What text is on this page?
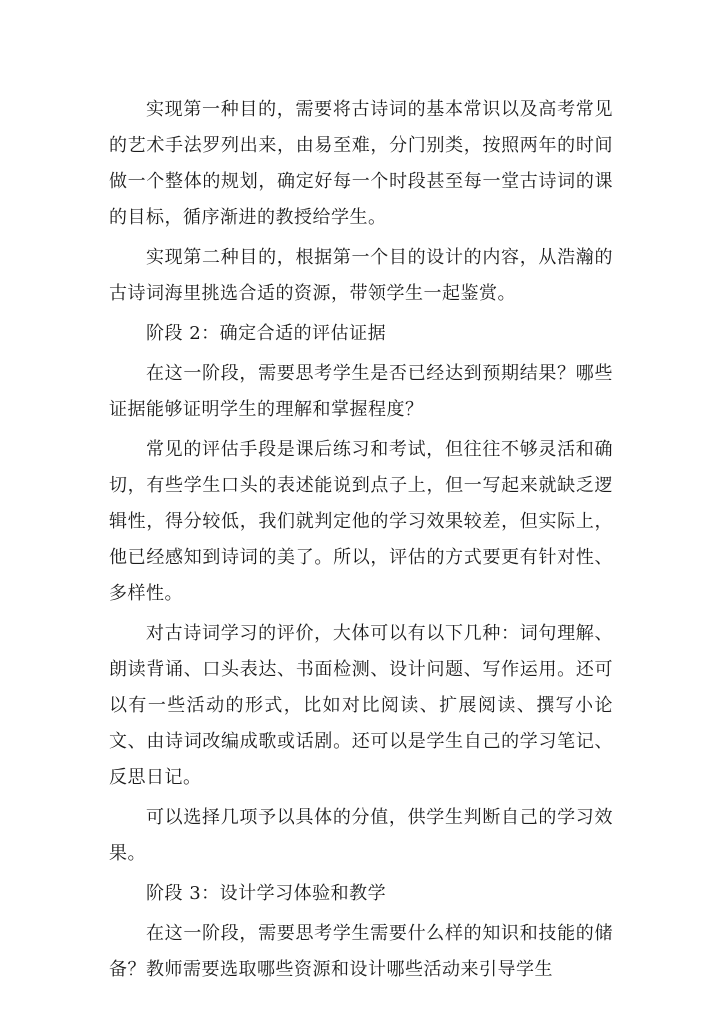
实现第一种目的，需要将古诗词的基本常识以及高考常见的艺术手法罗列出来，由易至难，分门别类，按照两年的时间做一个整体的规划，确定好每一个时段甚至每一堂古诗词的课的目标，循序渐进的教授给学生。

实现第二种目的，根据第一个目的设计的内容，从浩瀚的古诗词海里挑选合适的资源，带领学生一起鉴赏。

阶段 2：确定合适的评估证据

在这一阶段，需要思考学生是否已经达到预期结果？哪些证据能够证明学生的理解和掌握程度？

常见的评估手段是课后练习和考试，但往往不够灵活和确切，有些学生口头的表述能说到点子上，但一写起来就缺乏逻辑性，得分较低，我们就判定他的学习效果较差，但实际上，他已经感知到诗词的美了。所以，评估的方式要更有针对性、多样性。

对古诗词学习的评价，大体可以有以下几种：词句理解、朗读背诵、口头表达、书面检测、设计问题、写作运用。还可以有一些活动的形式，比如对比阅读、扩展阅读、撰写小论文、由诗词改编成歌或话剧。还可以是学生自己的学习笔记、反思日记。

可以选择几项予以具体的分值，供学生判断自己的学习效果。

阶段 3：设计学习体验和教学

在这一阶段，需要思考学生需要什么样的知识和技能的储备？教师需要选取哪些资源和设计哪些活动来引导学生
